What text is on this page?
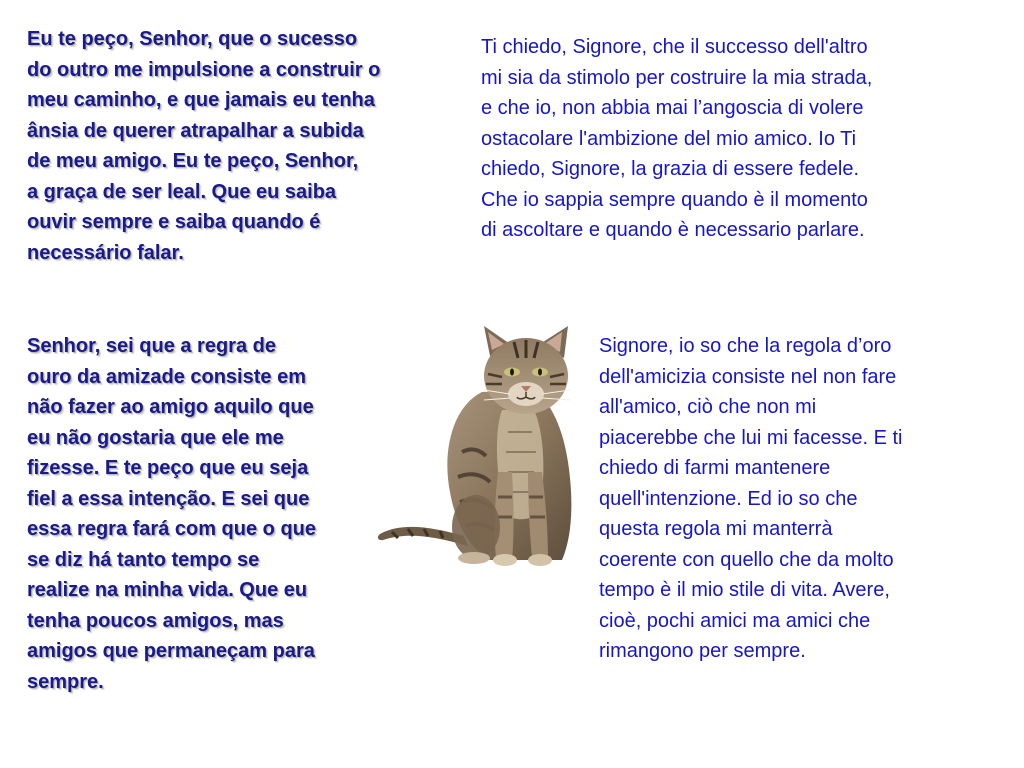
Eu te peço, Senhor, que o sucesso
do outro me impulsione a construir o
meu caminho, e que jamais eu tenha
ânsia de querer atrapalhar a subida
de meu amigo. Eu te peço, Senhor,
a graça de ser leal. Que eu saiba
ouvir sempre e saiba quando é
necessário falar.

Ti chiedo, Signore, che il successo dell'altro
mi sia da stimolo per costruire la mia strada,
e che io, non abbia mai l’angoscia di volere
ostacolare l'ambizione del mio amico. Io Ti
chiedo, Signore, la grazia di essere fedele.
Che io sappia sempre quando è il momento
di ascoltare e quando è necessario parlare.

Senhor, sei que a regra de
ouro da amizade consiste em
não fazer ao amigo aquilo que
eu não gostaria que ele me
fizesse. E te peço que eu seja
fiel a essa intenção. E sei que
essa regra fará com que o que
se diz há tanto tempo se
realize na minha vida. Que eu
tenha poucos amigos, mas
amigos que permaneçam para
sempre.

Signore, io so che la regola d’oro
dell'amicizia consiste nel non fare
all'amico, ciò che non mi
piacerebbe che lui mi facesse. E ti
chiedo di farmi mantenere
quell'intenzione. Ed io so che
questa regola mi manterrà
coerente con quello che da molto
tempo è il mio stile di vita. Avere,
cioè, pochi amici ma amici che
rimangono per sempre.
